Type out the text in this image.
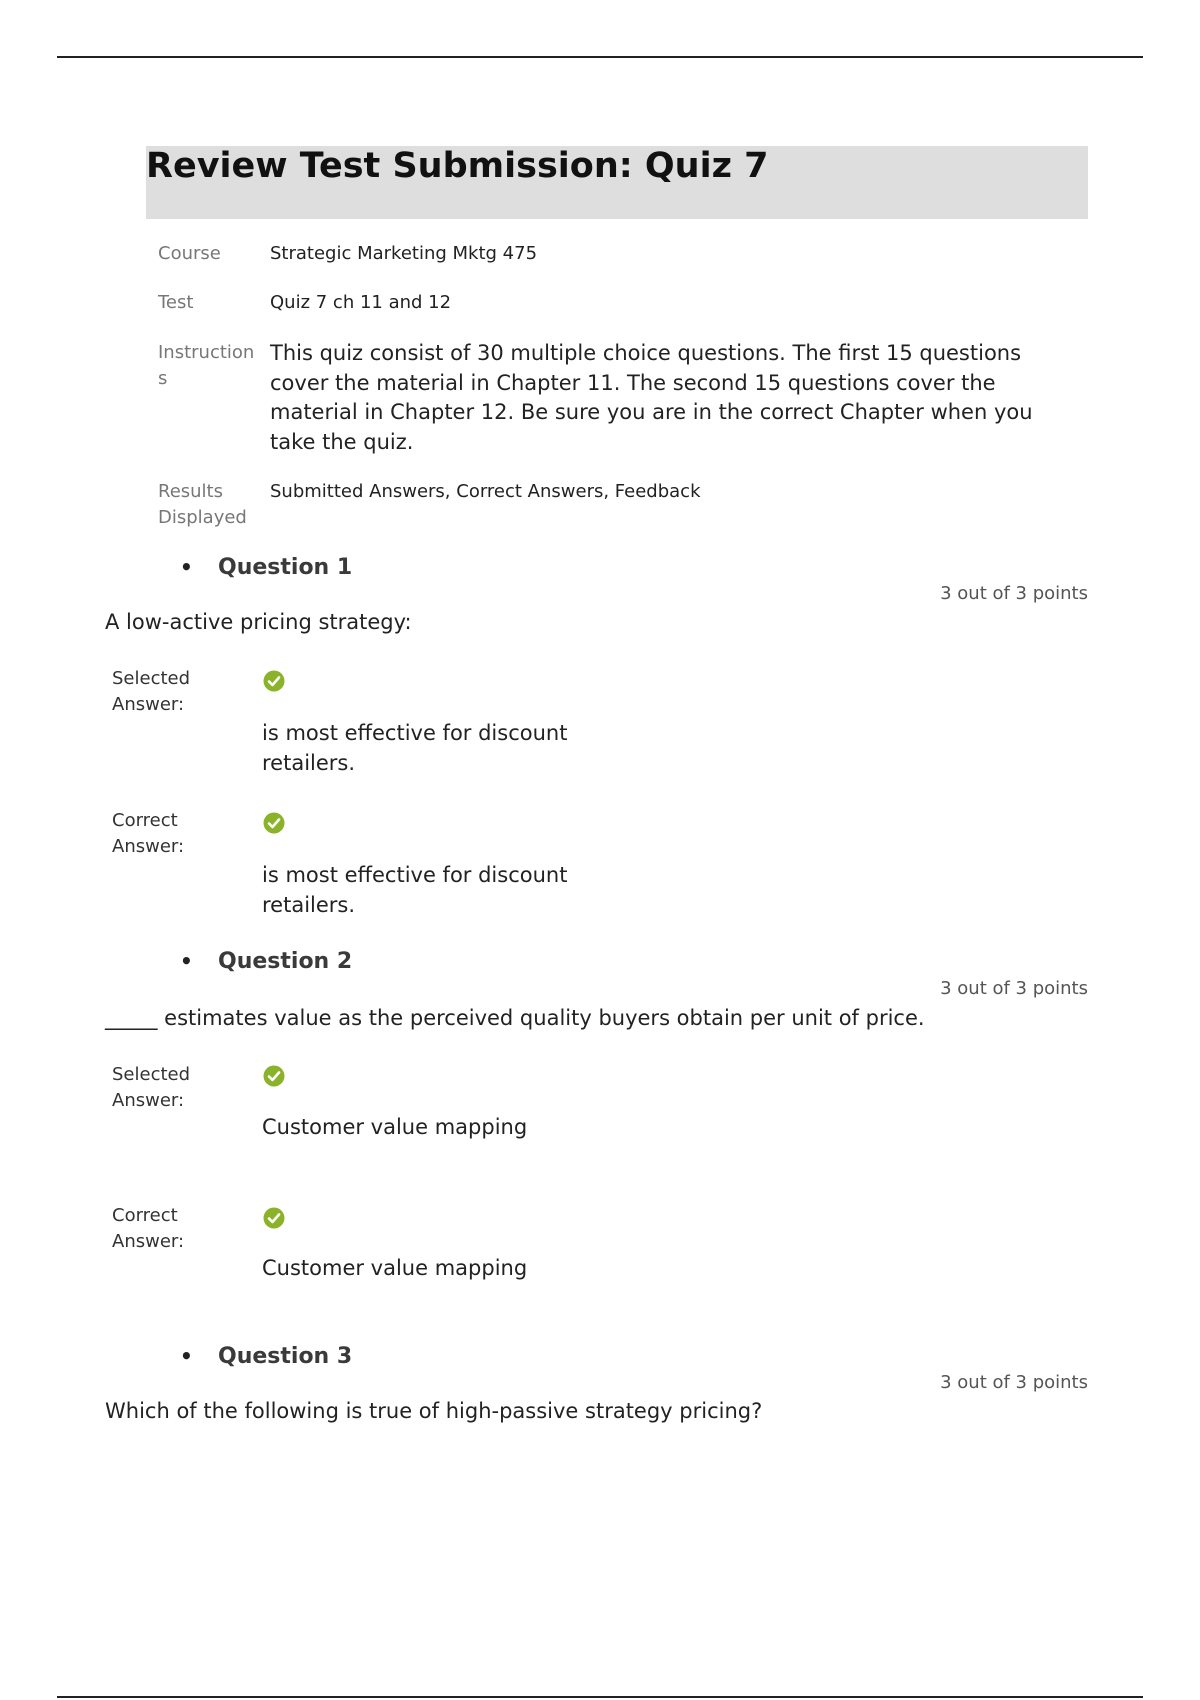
Review Test Submission: Quiz 7
Course	Strategic Marketing Mktg 475
Test	Quiz 7 ch 11 and 12
Instructions
This quiz consist of 30 multiple choice questions. The first 15 questions cover the material in Chapter 11. The second 15 questions cover the material in Chapter 12. Be sure you are in the correct Chapter when you take the quiz.
Results Displayed
Submitted Answers, Correct Answers, Feedback
• Question 1
3 out of 3 points
A low-active pricing strategy:
Selected Answer:
is most effective for discount retailers.
Correct Answer:
is most effective for discount retailers.
• Question 2
3 out of 3 points
_____ estimates value as the perceived quality buyers obtain per unit of price.
Selected Answer:
Customer value mapping
Correct Answer:
Customer value mapping
• Question 3
3 out of 3 points
Which of the following is true of high-passive strategy pricing?
